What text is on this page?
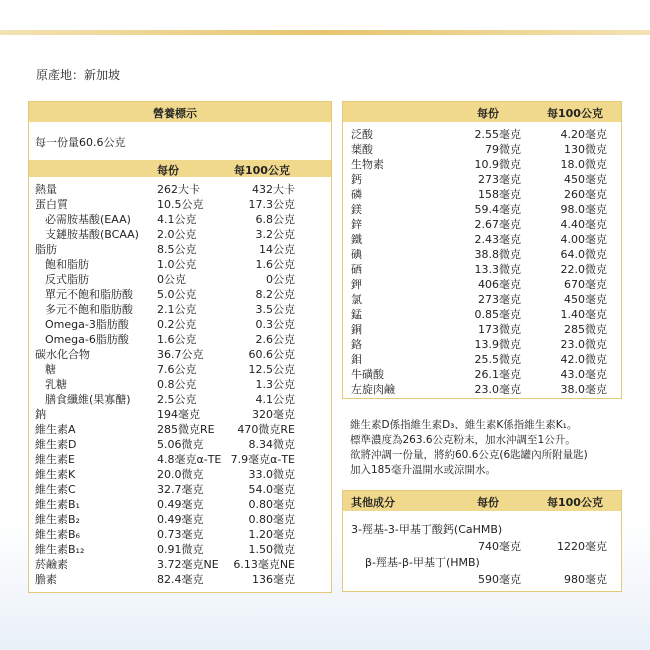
原產地：新加坡
營養標示
每一份量60.6公克
每份	每100公克
熱量	262大卡	432大卡
蛋白質	10.5公克	17.3公克
必需胺基酸(EAA) 4.1公克	6.8公克
支鏈胺基酸(BCAA) 2.0公克	3.2公克
脂肪	8.5公克	14公克
飽和脂肪	1.0公克	1.6公克
反式脂肪	0公克	0公克
單元不飽和脂肪酸 5.0公克	8.2公克
多元不飽和脂肪酸 2.1公克	3.5公克
Omega-3脂肪酸	0.2公克	0.3公克
Omega-6脂肪酸	1.6公克	2.6公克
碳水化合物	36.7公克	60.6公克
糖	7.6公克	12.5公克
乳糖	0.8公克	1.3公克
膳食纖維(果寡醣) 2.5公克	4.1公克
鈉	194毫克	320毫克
維生素A	285微克RE 470微克RE
維生素D	5.06微克	8.34微克
維生素E	4.8毫克α-TE 7.9毫克α-TE
維生素K	20.0微克	33.0微克
維生素C	32.7毫克	54.0毫克
維生素B₁	0.49毫克	0.80毫克
維生素B₂	0.49毫克	0.80毫克
維生素B₆	0.73毫克	1.20毫克
維生素B₁₂	0.91微克	1.50微克
菸鹼素	3.72毫克NE 6.13毫克NE
膽素	82.4毫克	136毫克
每份	每100公克
泛酸	2.55毫克	4.20毫克
葉酸	79微克	130微克
生物素	10.9微克	18.0微克
鈣	273毫克	450毫克
磷	158毫克	260毫克
鎂	59.4毫克	98.0毫克
鋅	2.67毫克	4.40毫克
鐵	2.43毫克	4.00毫克
碘	38.8微克	64.0微克
硒	13.3微克	22.0微克
鉀	406毫克	670毫克
氯	273毫克	450毫克
錳	0.85毫克	1.40毫克
銅	173微克	285微克
鉻	13.9微克	23.0微克
鉬	25.5微克	42.0微克
牛磺酸	26.1毫克	43.0毫克
左旋肉鹼	23.0毫克	38.0毫克
維生素D係指維生素D₃、維生素K係指維生素K₁。
標準濃度為263.6公克粉末，加水沖調至1公升。
欲將沖調一份量，將約60.6公克(6匙罐內所附量匙)
加入185毫升溫開水或涼開水。
其他成分	每份	每100公克
3-羥基-3-甲基丁酸鈣(CaHMB)
740毫克	1220毫克
β-羥基-β-甲基丁(HMB)
590毫克	980毫克
